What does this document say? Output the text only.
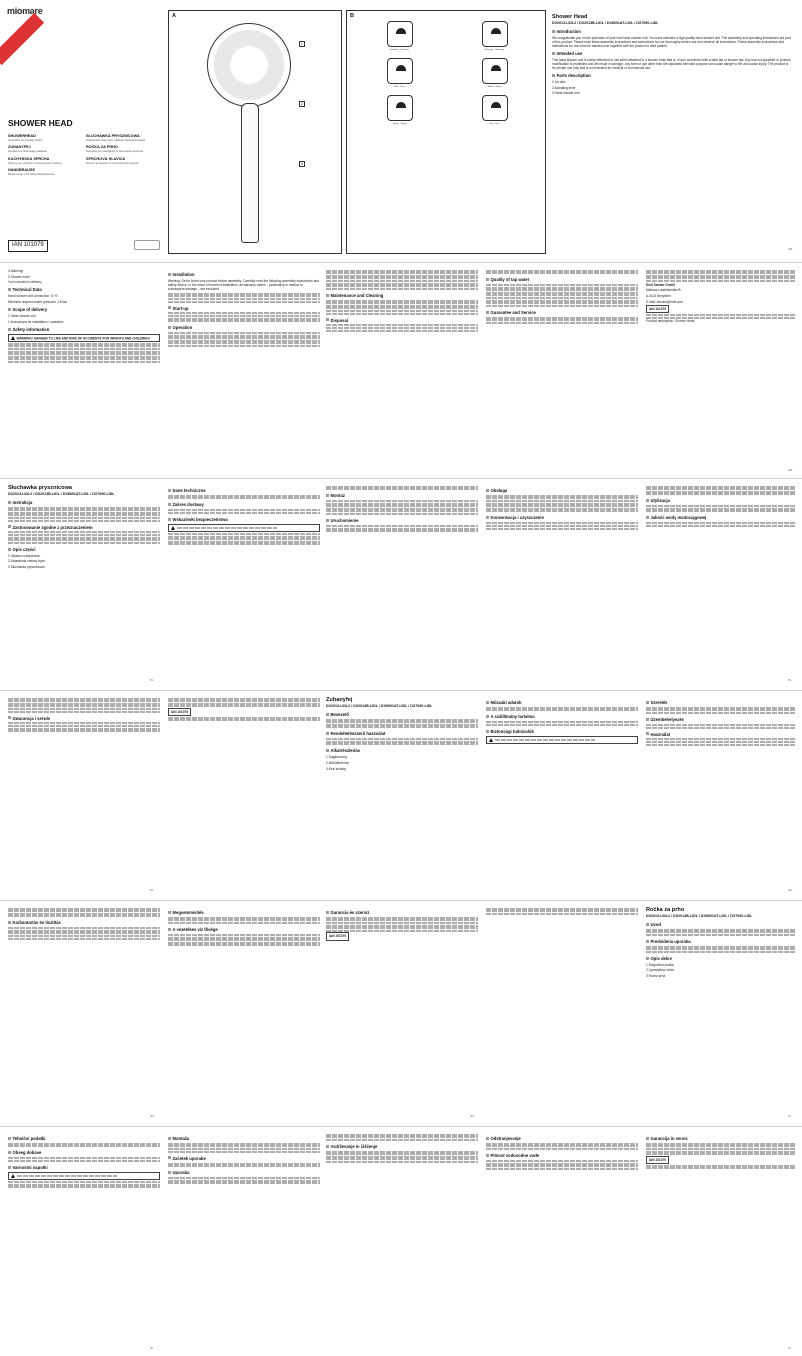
miomare
SHOWER HEAD
SHOWERHEAD
Operation and Safety Notes
SŁUCHAWKA PRYSZNICOWA
Wskazówki dotyczące obsługi i bezpieczeństwa
ZUHANYFEJ
Kezelési és biztonsági utalások
ROČKA ZA PRHO
Navodila za upravljanje in varnostna opozorila
KUCHYŇSKÁ SPRCHA
Pokyny pro obsluhu a bezpečnostní pokyny
SPRCHOVÁ HLAVICA
Návod na obsluhu a bezpečnostné pokyny
HANDBRAUSE
Bedienungs- und Sicherheitshinweise
IAN 101079
A
1
2
3
B
Fontaine · Fountain	Massage · Massage
Pluie · Rain	Mixed · Mixed
Spray · Spray	Eco · Eco
Shower Head
DX2013-LIDL2 / DX2013B-LIDL / DX8001AT-LIDL / DX7090-LIDL
Introduction

We congratulate you on the purchase of your new hand shower unit. You have selected a high quality hand shower unit. The assembly and operating instructions are part of this product. Please read these assembly instructions and instructions for use thoroughly before use and observe all instructions. These assembly instructions and instructions for use must be handed over together with the product to third parties.

Intended use

This hand shower unit is solely intended for use when attached to a shower hose that is, in turn connected with a bath tap or shower tap. Any use not specified or product modification is prohibited and will result in damage. Any form of use other than the stipulated intended purpose can cause danger to life and cause injury. The product is for private use only and is not intended for medical or commercial use.

Parts description

1 Jet disc

2 Actuating lever

3 Hand shower unit

GB

4 Warning!

5 Shower hose*

*not included in delivery

Technical Data

Hand shower unit connection: G ½"

Minimum required water pressure: 1,5 bar

Scope of delivery

1 Hand shower unit

1 Instructions for installation / operation

Safety information
WARNING! DANGER TO LIFE AND RISK OF ACCIDENTS FOR INFANTS AND CHILDREN!
Installation

Warning: Get to know your product before assembly. Carefully read the following assembly instructions and safety advice. In the event of incorrect installation, all warranty claims – particularly in relation to subsequent damage – are excluded.

Start-up
Operation
Maintenance and Cleaning
Disposal
Quality of tap water
Guarantee and Service

Emil Sanitar GmbH

Mathias-Landelsteider-B.

A-5101 Bergheim

E-Mail: service@emil.com

IAN 101079

Product description: Shower Head

GB
Słuchawka prysznicowa
DX2013-LIDL2 / DX2013B-LIDL / DX8001AT-LIDL / DX7090-LIDL
Instrukcja
Zastosowanie zgodne z przeznaczeniem
Opis części

1 Ultrasno natryskowa

2 Ustawienia zmiany trybu

3 Słuchawka prysznicowa

Dane techniczne
Zakres dostawy
Wskazówki bezpieczeństwa
Montaż
Uruchomienie
Obsługa
Konserwacja i czyszczenie
Utylizacja
Jakość wody wodociągowej
PL	PL
Gwarancja i serwis
IAN 101079
Zuhanyfej
DX2013-LIDL2 / DX2013B-LIDL / DX8001AT-LIDL / DX7090-LIDL
Bevezető
Rendeltetésszerű használat
Alkatrészleírás

1 Sugárkorong

2 Működtető kar

3 Kézi zuhany

Műszaki adatok
A szállítmány tartalma
Biztonsági tudnivalók
Szerelés
Üzembehelyezés
Használat
PL	HU
Karbantartás és tisztítás
Megsemmisítés
A vezetékes víz fõsége
Garancia és szerviz
IAN 101079
Ročka za prho
DX2013-LIDL2 / DX2013B-LIDL / DX8001AT-LIDL / DX7090-LIDL
Uvod
Predvidena uporaba
Opis delov

1 Razpršilna plošča

2 Upravljalna ročica

3 Ročna prha

HU	HU	SI
Tehnični podatki
Obseg dobave
Varnostni napotki
Montaža
Začetek uporabe
Uporaba
Vzdrževanje in čiščenje
Odstranjevanje
Pitnost vodovodne vode
Garancija in servis
IAN 101079
SI	SI
